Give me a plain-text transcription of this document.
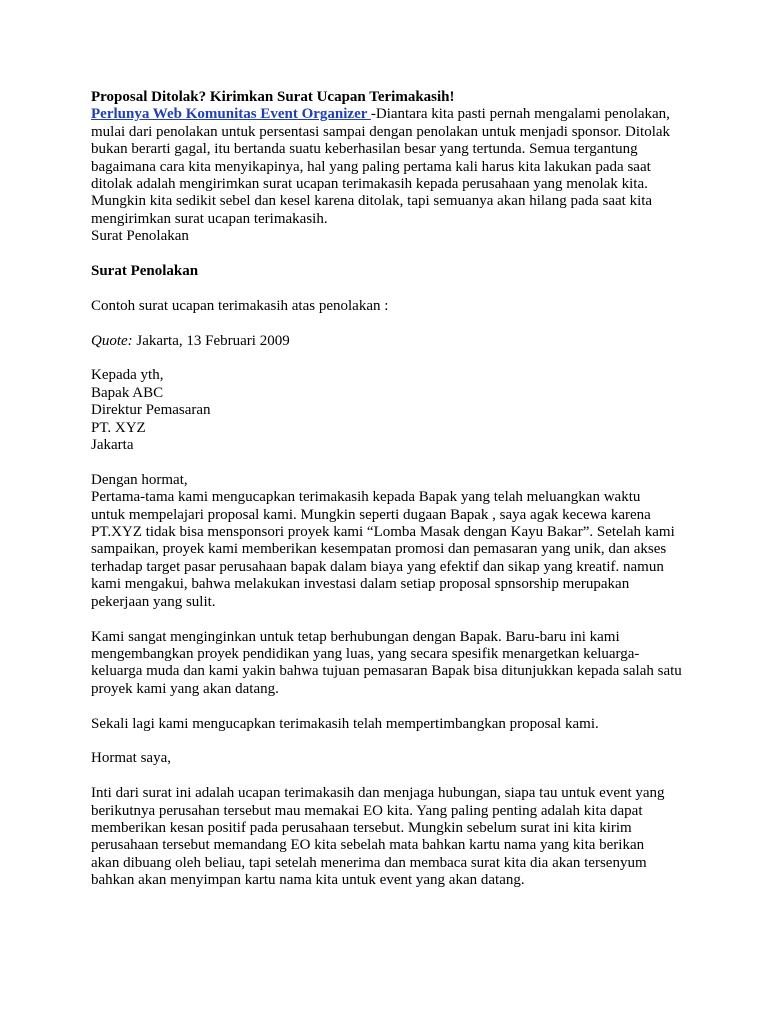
Proposal Ditolak? Kirimkan Surat Ucapan Terimakasih!

Perlunya Web Komunitas Event Organizer -Diantara kita pasti pernah mengalami penolakan,

mulai dari penolakan untuk persentasi sampai dengan penolakan untuk menjadi sponsor. Ditolak

bukan berarti gagal, itu bertanda suatu keberhasilan besar yang tertunda. Semua tergantung

bagaimana cara kita menyikapinya, hal yang paling pertama kali harus kita lakukan pada saat

ditolak adalah mengirimkan surat ucapan terimakasih kepada perusahaan yang menolak kita.

Mungkin kita sedikit sebel dan kesel karena ditolak, tapi semuanya akan hilang pada saat kita

mengirimkan surat ucapan terimakasih.

Surat Penolakan

Surat Penolakan

Contoh surat ucapan terimakasih atas penolakan :

Quote: Jakarta, 13 Februari 2009

Kepada yth,

Bapak ABC

Direktur Pemasaran

PT. XYZ

Jakarta

Dengan hormat,

Pertama-tama kami mengucapkan terimakasih kepada Bapak yang telah meluangkan waktu

untuk mempelajari proposal kami. Mungkin seperti dugaan Bapak , saya agak kecewa karena

PT.XYZ tidak bisa mensponsori proyek kami “Lomba Masak dengan Kayu Bakar”. Setelah kami

sampaikan, proyek kami memberikan kesempatan promosi dan pemasaran yang unik, dan akses

terhadap target pasar perusahaan bapak dalam biaya yang efektif dan sikap yang kreatif. namun

kami mengakui, bahwa melakukan investasi dalam setiap proposal spnsorship merupakan

pekerjaan yang sulit.

Kami sangat menginginkan untuk tetap berhubungan dengan Bapak. Baru-baru ini kami

mengembangkan proyek pendidikan yang luas, yang secara spesifik menargetkan keluarga-

keluarga muda dan kami yakin bahwa tujuan pemasaran Bapak bisa ditunjukkan kepada salah satu

proyek kami yang akan datang.

Sekali lagi kami mengucapkan terimakasih telah mempertimbangkan proposal kami.

Hormat saya,

Inti dari surat ini adalah ucapan terimakasih dan menjaga hubungan, siapa tau untuk event yang

berikutnya perusahan tersebut mau memakai EO kita. Yang paling penting adalah kita dapat

memberikan kesan positif pada perusahaan tersebut. Mungkin sebelum surat ini kita kirim

perusahaan tersebut memandang EO kita sebelah mata bahkan kartu nama yang kita berikan

akan dibuang oleh beliau, tapi setelah menerima dan membaca surat kita dia akan tersenyum

bahkan akan menyimpan kartu nama kita untuk event yang akan datang.
